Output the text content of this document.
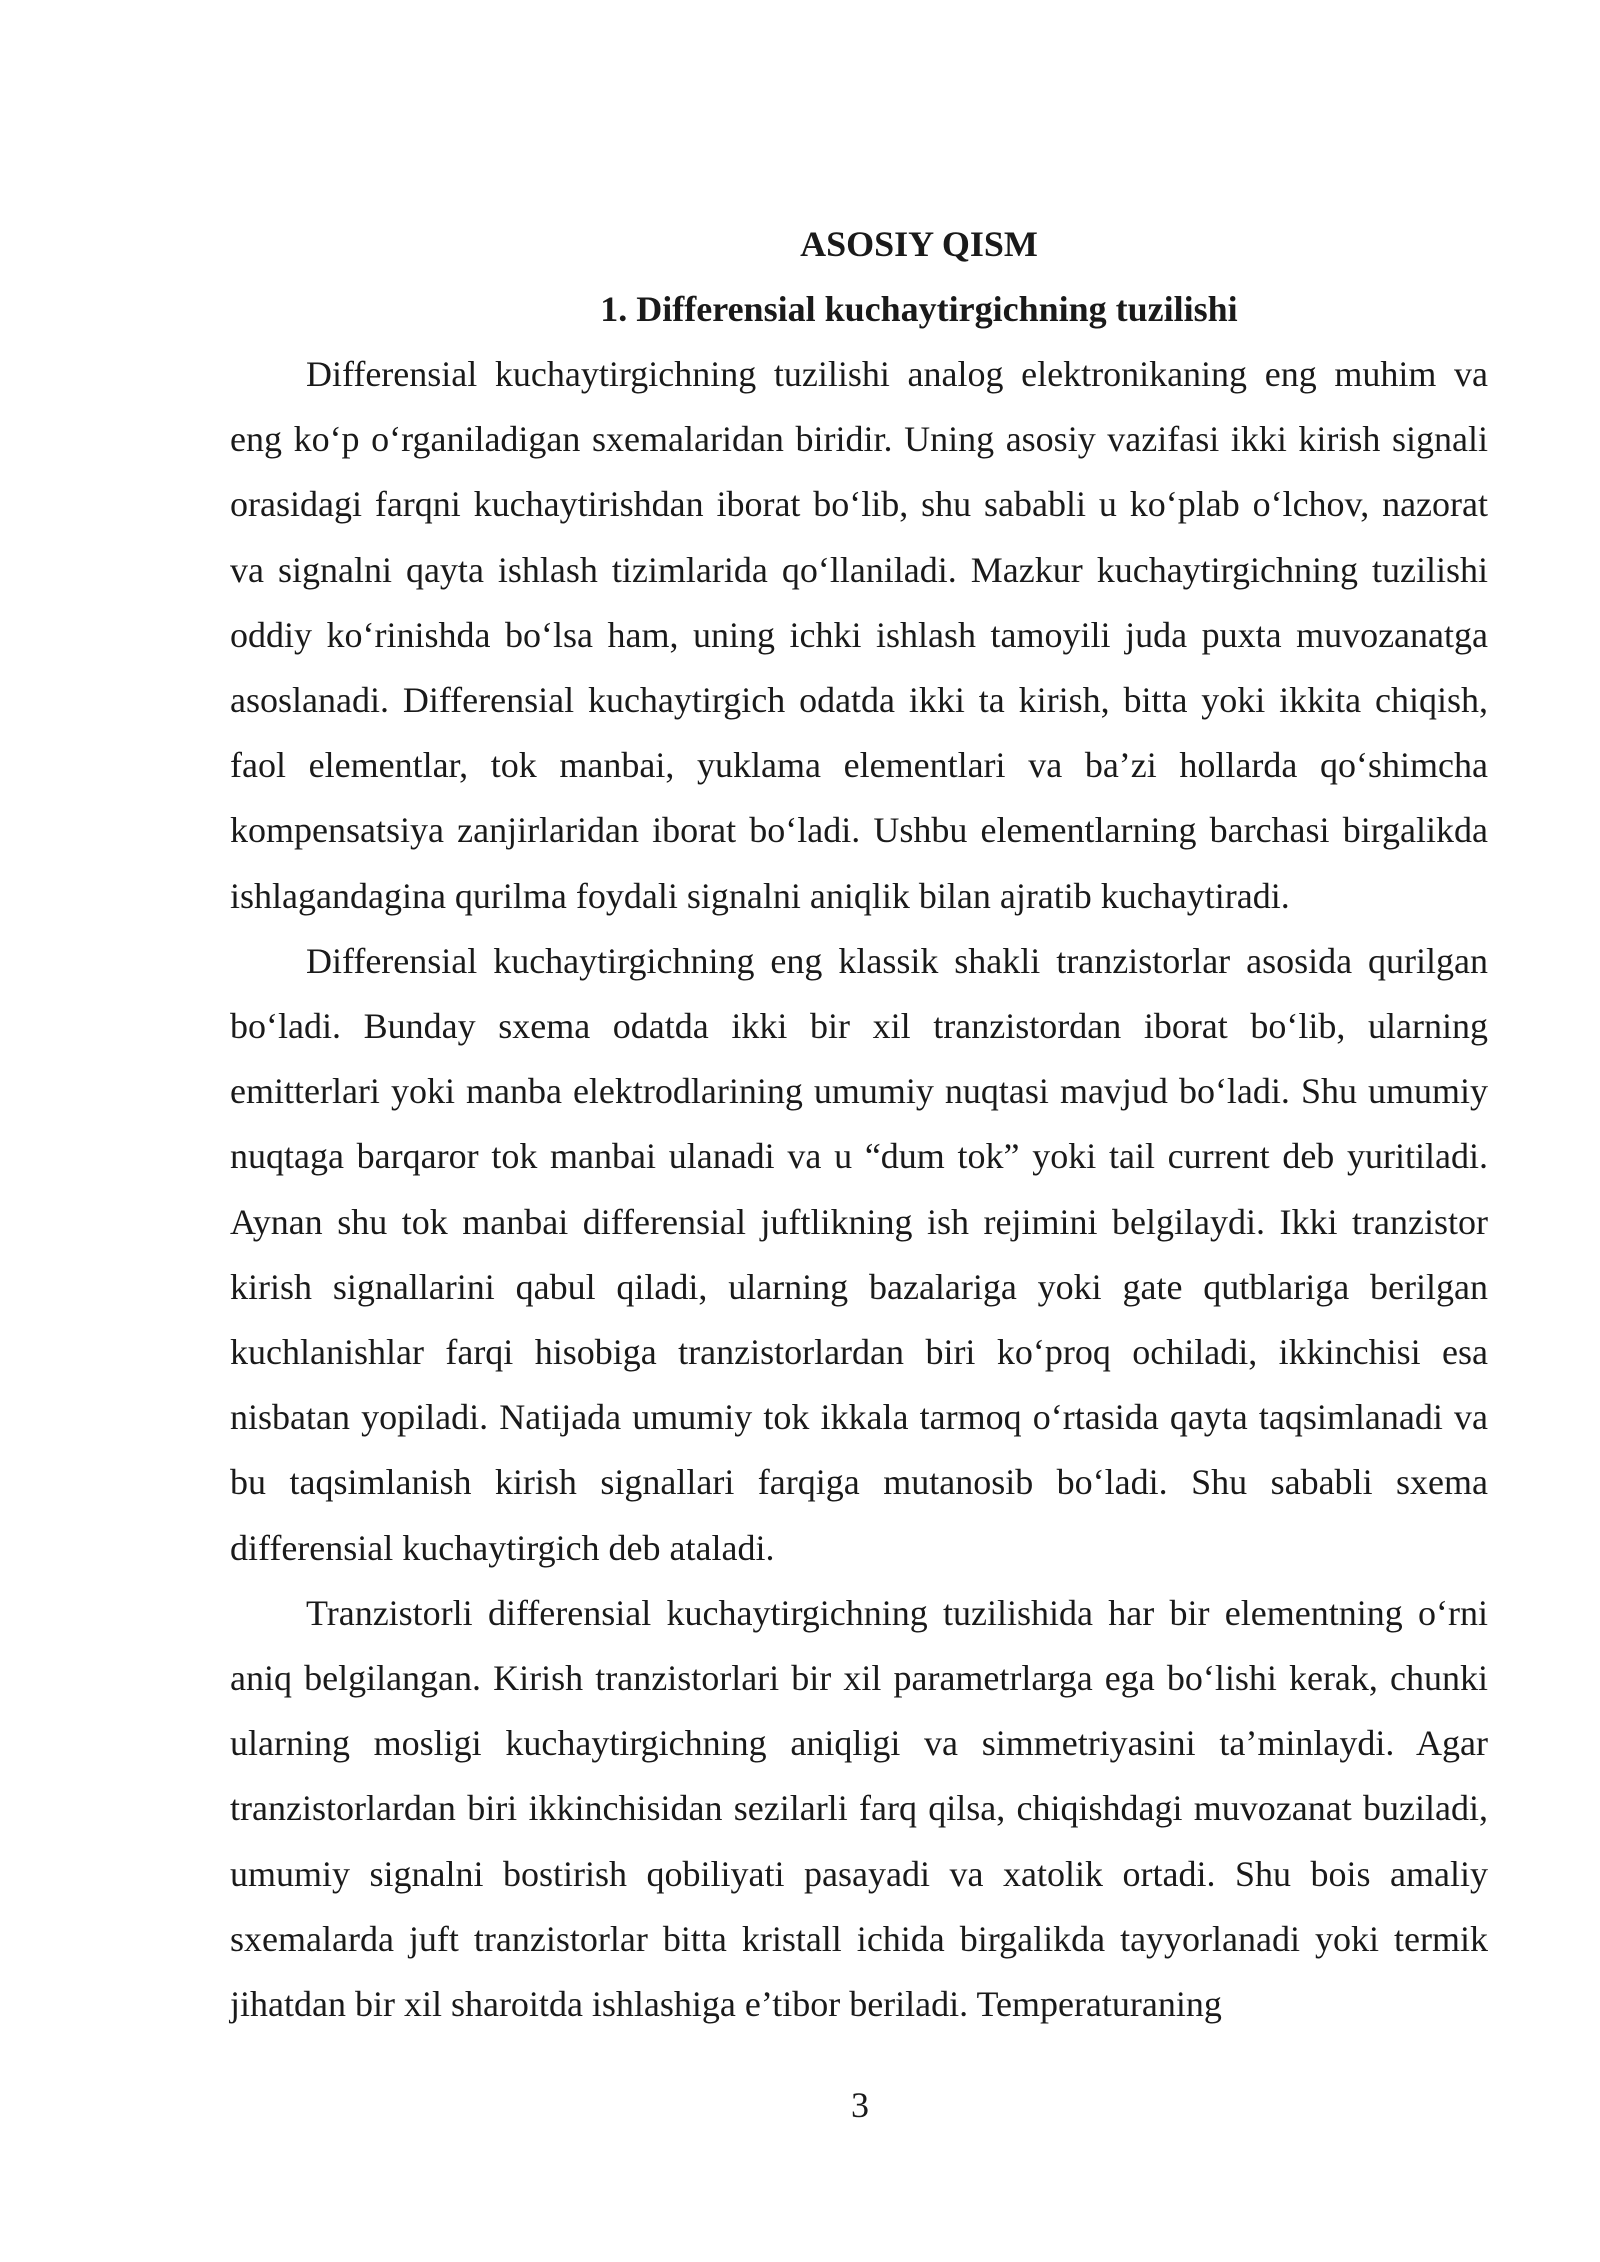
ASOSIY QISM
1. Differensial kuchaytirgichning tuzilishi

Differensial kuchaytirgichning tuzilishi analog elektronikaning eng muhim va eng ko‘p o‘rganiladigan sxemalaridan biridir. Uning asosiy vazifasi ikki kirish signali orasidagi farqni kuchaytirishdan iborat bo‘lib, shu sababli u ko‘plab o‘lchov, nazorat va signalni qayta ishlash tizimlarida qo‘llaniladi. Mazkur kuchaytirgichning tuzilishi oddiy ko‘rinishda bo‘lsa ham, uning ichki ishlash tamoyili juda puxta muvozanatga asoslanadi. Differensial kuchaytirgich odatda ikki ta kirish, bitta yoki ikkita chiqish, faol elementlar, tok manbai, yuklama elementlari va ba’zi hollarda qo‘shimcha kompensatsiya zanjirlaridan iborat bo‘ladi. Ushbu elementlarning barchasi birgalikda ishlagandagina qurilma foydali signalni aniqlik bilan ajratib kuchaytiradi.

Differensial kuchaytirgichning eng klassik shakli tranzistorlar asosida qurilgan bo‘ladi. Bunday sxema odatda ikki bir xil tranzistordan iborat bo‘lib, ularning emitterlari yoki manba elektrodlarining umumiy nuqtasi mavjud bo‘ladi. Shu umumiy nuqtaga barqaror tok manbai ulanadi va u “dum tok” yoki tail current deb yuritiladi. Aynan shu tok manbai differensial juftlikning ish rejimini belgilaydi. Ikki tranzistor kirish signallarini qabul qiladi, ularning bazalariga yoki gate qutblariga berilgan kuchlanishlar farqi hisobiga tranzistorlardan biri ko‘proq ochiladi, ikkinchisi esa nisbatan yopiladi. Natijada umumiy tok ikkala tarmoq o‘rtasida qayta taqsimlanadi va bu taqsimlanish kirish signallari farqiga mutanosib bo‘ladi. Shu sababli sxema differensial kuchaytirgich deb ataladi.

Tranzistorli differensial kuchaytirgichning tuzilishida har bir elementning o‘rni aniq belgilangan. Kirish tranzistorlari bir xil parametrlarga ega bo‘lishi kerak, chunki ularning mosligi kuchaytirgichning aniqligi va simmetriyasini ta’minlaydi. Agar tranzistorlardan biri ikkinchisidan sezilarli farq qilsa, chiqishdagi muvozanat buziladi, umumiy signalni bostirish qobiliyati pasayadi va xatolik ortadi. Shu bois amaliy sxemalarda juft tranzistorlar bitta kristall ichida birgalikda tayyorlanadi yoki termik jihatdan bir xil sharoitda ishlashiga e’tibor beriladi. Temperaturaning

3
